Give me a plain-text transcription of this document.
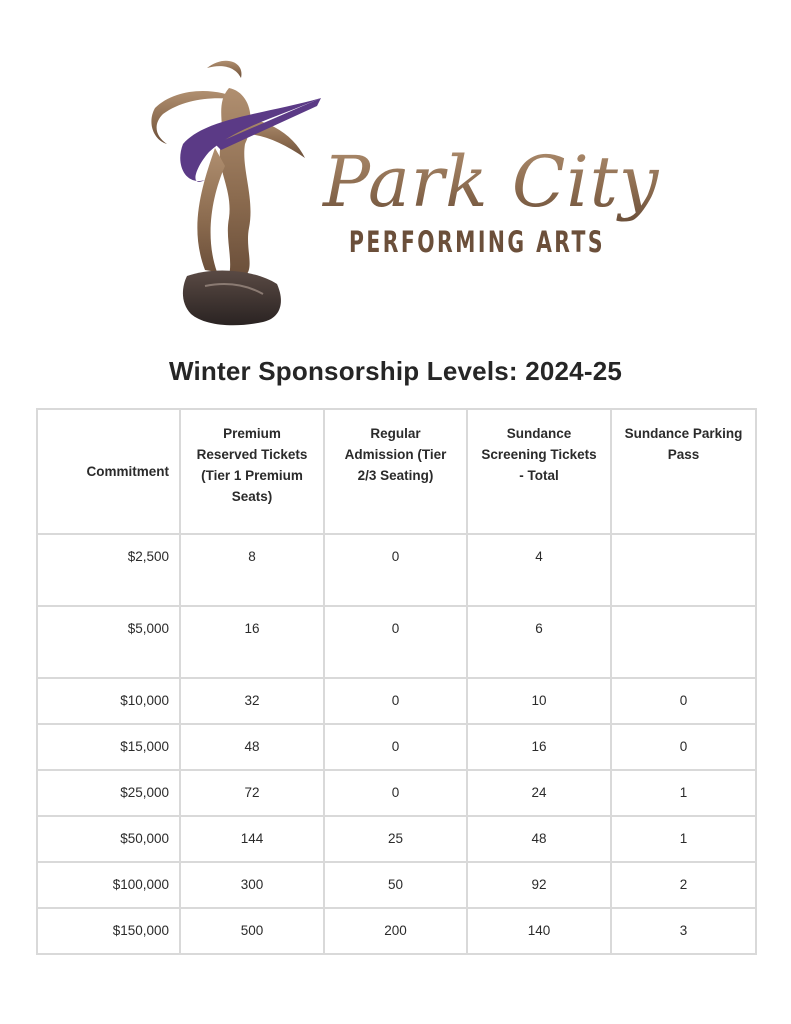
Park City
PERFORMING ARTS
Winter Sponsorship Levels: 2024-25
Commitment	Premium Reserved Tickets (Tier 1 Premium Seats)	Regular Admission (Tier 2/3 Seating)	Sundance Screening Tickets - Total	Sundance Parking Pass
$2,500	8	0	4	
$5,000	16	0	6	
$10,000	32	0	10	0
$15,000	48	0	16	0
$25,000	72	0	24	1
$50,000	144	25	48	1
$100,000	300	50	92	2
$150,000	500	200	140	3
